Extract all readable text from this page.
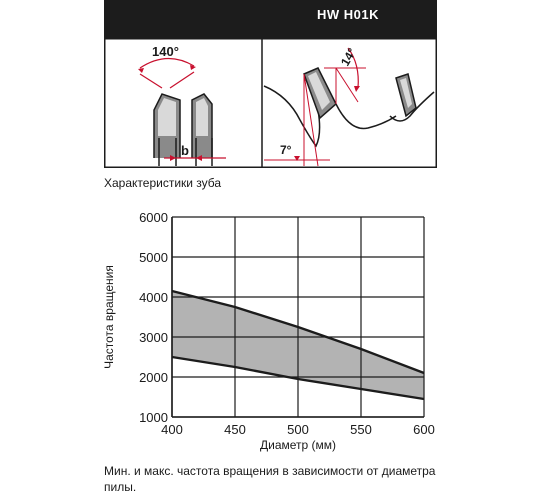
HW H01K
140°
b
14°
7°
Характеристики зуба
1000
2000
3000
4000
5000
6000
400	450	500	550	600
Диаметр (мм)
Частота вращения
Мин. и макс. частота вращения в зависимости от диаметра пилы.
